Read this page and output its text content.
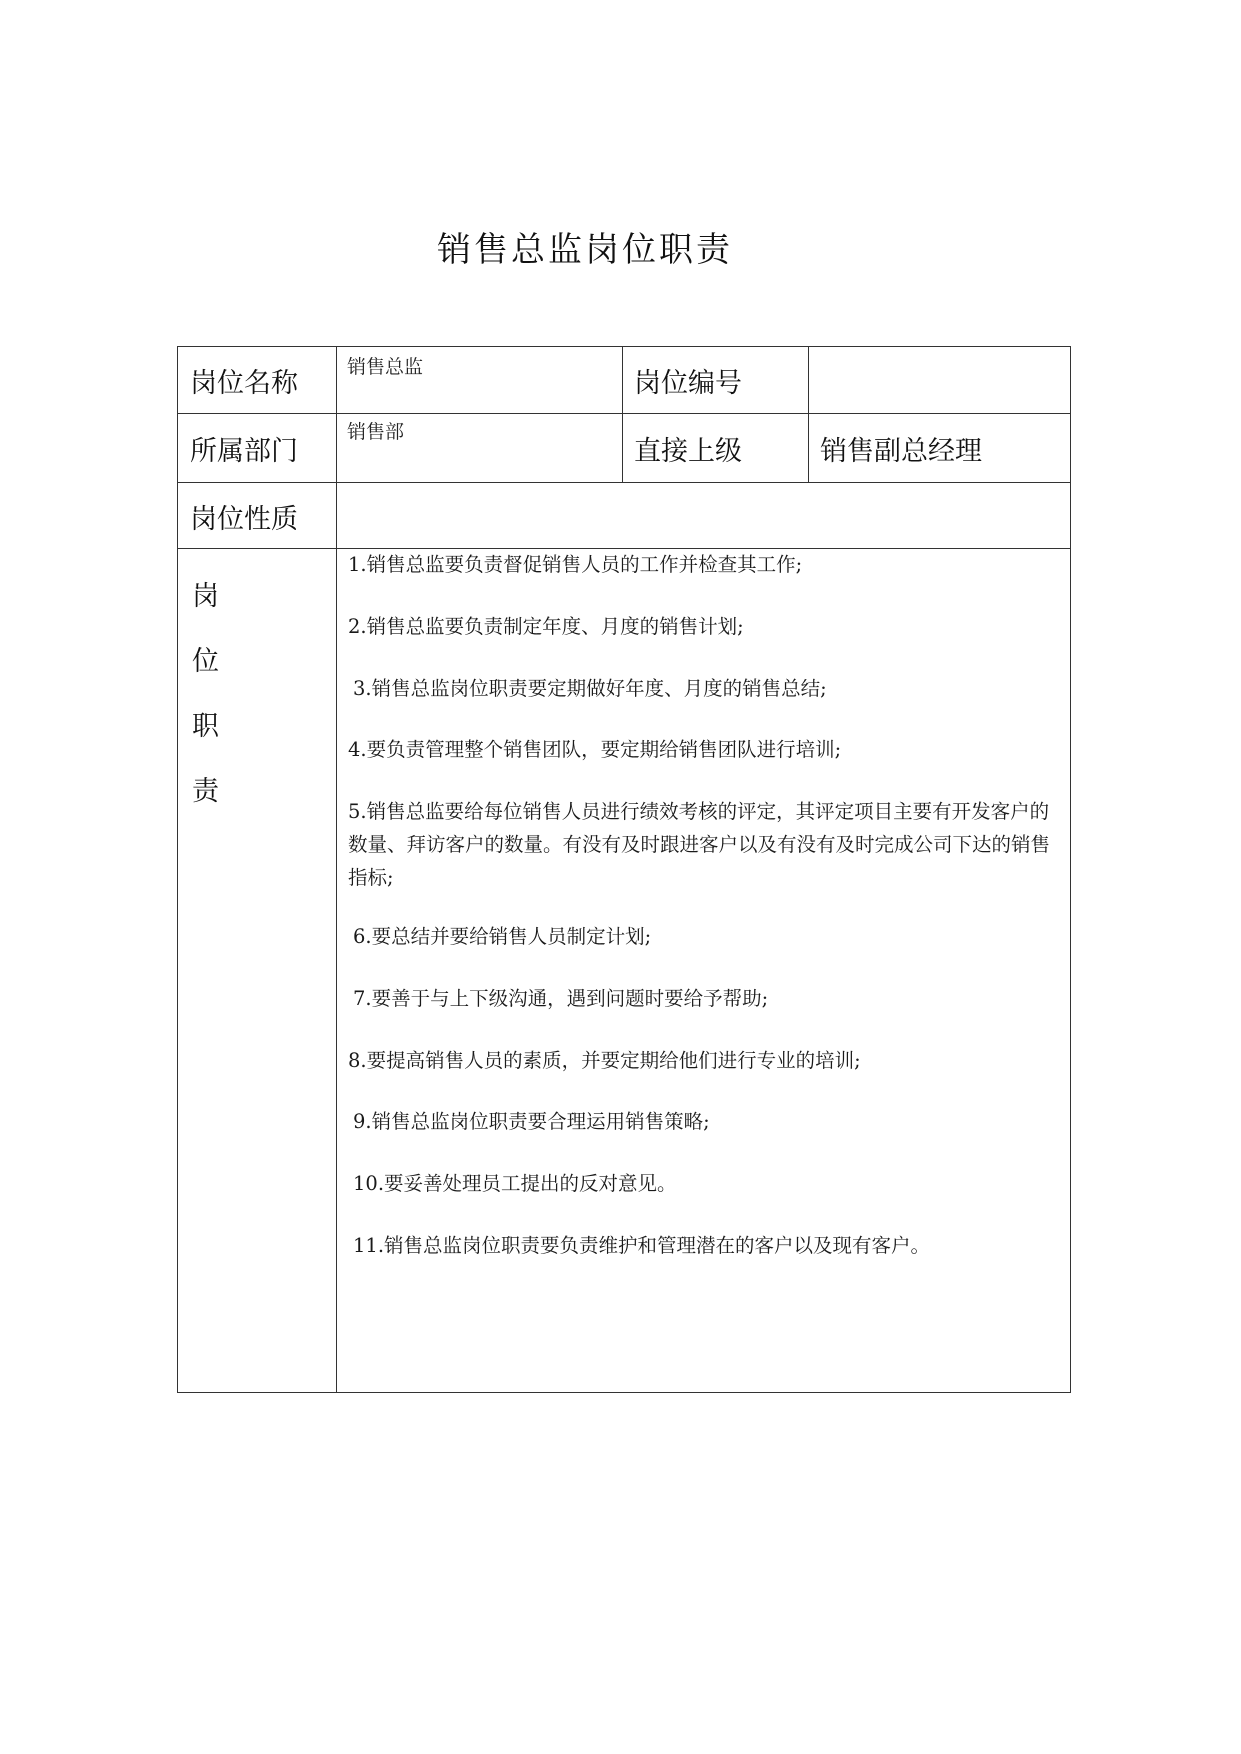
销售总监岗位职责
岗位名称
销售总监
岗位编号
所属部门
销售部
直接上级	销售副总经理
岗位性质
岗
位
职
责
1.销售总监要负责督促销售人员的工作并检查其工作;
2.销售总监要负责制定年度、月度的销售计划;
3.销售总监岗位职责要定期做好年度、月度的销售总结;
4.要负责管理整个销售团队，要定期给销售团队进行培训;
5.销售总监要给每位销售人员进行绩效考核的评定，其评定项目主要有开发客户的数量、拜访客户的数量。有没有及时跟进客户以及有没有及时完成公司下达的销售指标;
6.要总结并要给销售人员制定计划;
7.要善于与上下级沟通，遇到问题时要给予帮助;
8.要提高销售人员的素质，并要定期给他们进行专业的培训;
9.销售总监岗位职责要合理运用销售策略;
10.要妥善处理员工提出的反对意见。
11.销售总监岗位职责要负责维护和管理潜在的客户以及现有客户。
